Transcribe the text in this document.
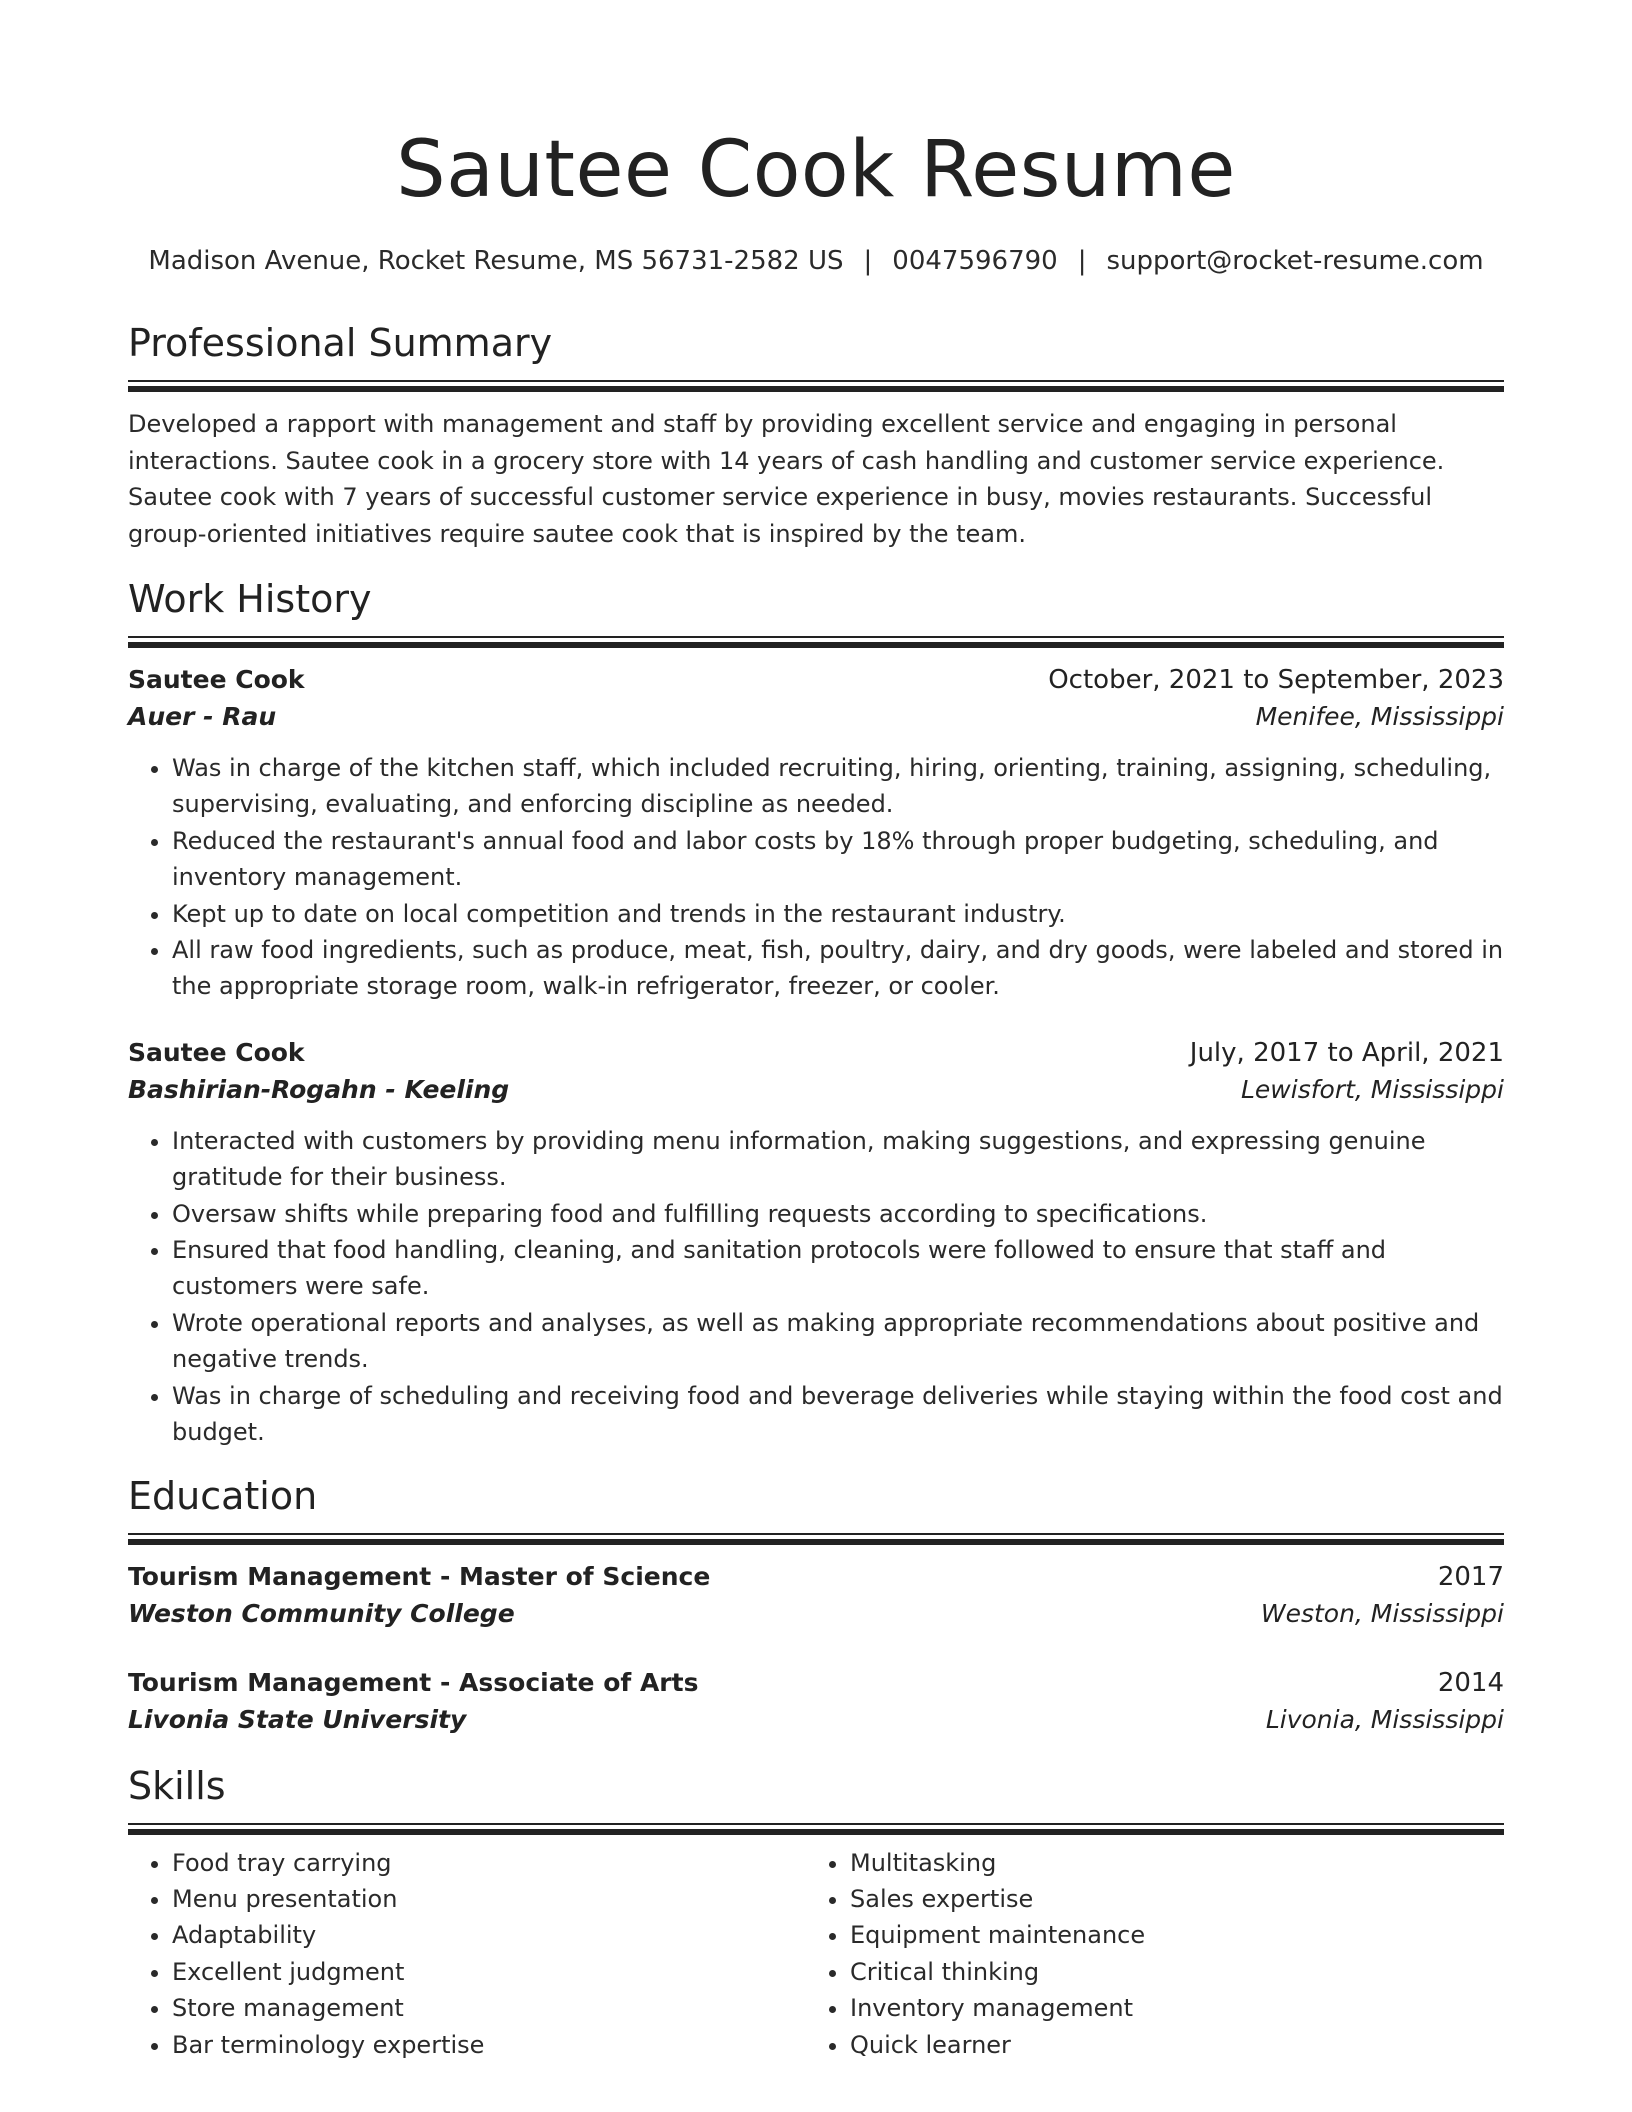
Sautee Cook Resume
Madison Avenue, Rocket Resume, MS 56731-2582 US | 0047596790 | support@rocket-resume.com
Professional Summary
Developed a rapport with management and staff by providing excellent service and engaging in personal interactions. Sautee cook in a grocery store with 14 years of cash handling and customer service experience. Sautee cook with 7 years of successful customer service experience in busy, movies restaurants. Successful group-oriented initiatives require sautee cook that is inspired by the team.
Work History
Sautee Cook	October, 2021 to September, 2023
Auer - Rau	Menifee, Mississippi
• Was in charge of the kitchen staff, which included recruiting, hiring, orienting, training, assigning, scheduling, supervising, evaluating, and enforcing discipline as needed.
• Reduced the restaurant's annual food and labor costs by 18% through proper budgeting, scheduling, and inventory management.
• Kept up to date on local competition and trends in the restaurant industry.
• All raw food ingredients, such as produce, meat, fish, poultry, dairy, and dry goods, were labeled and stored in the appropriate storage room, walk-in refrigerator, freezer, or cooler.
Sautee Cook	July, 2017 to April, 2021
Bashirian-Rogahn - Keeling	Lewisfort, Mississippi
• Interacted with customers by providing menu information, making suggestions, and expressing genuine gratitude for their business.
• Oversaw shifts while preparing food and fulfilling requests according to specifications.
• Ensured that food handling, cleaning, and sanitation protocols were followed to ensure that staff and customers were safe.
• Wrote operational reports and analyses, as well as making appropriate recommendations about positive and negative trends.
• Was in charge of scheduling and receiving food and beverage deliveries while staying within the food cost and budget.
Education
Tourism Management - Master of Science	2017
Weston Community College	Weston, Mississippi
Tourism Management - Associate of Arts	2014
Livonia State University	Livonia, Mississippi
Skills
• Food tray carrying
• Menu presentation
• Adaptability
• Excellent judgment
• Store management
• Bar terminology expertise
• Multitasking
• Sales expertise
• Equipment maintenance
• Critical thinking
• Inventory management
• Quick learner
